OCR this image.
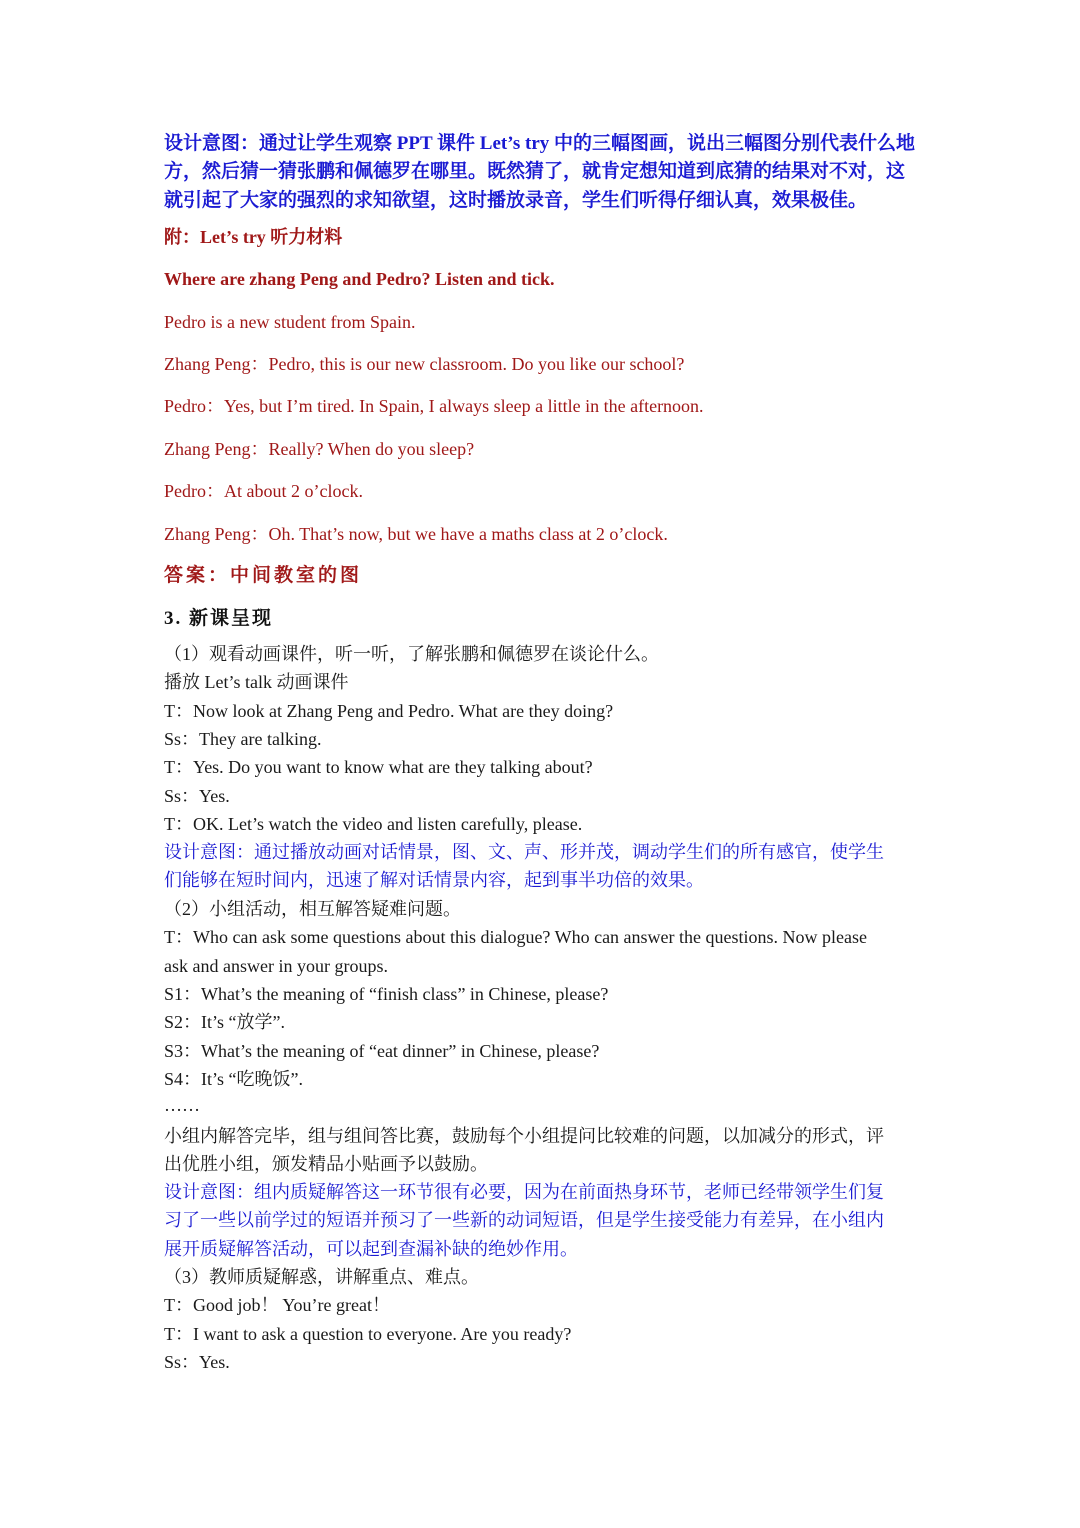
设计意图：通过让学生观察 PPT 课件 Let’s try 中的三幅图画，说出三幅图分别代表什么地
方，然后猜一猜张鹏和佩德罗在哪里。既然猜了，就肯定想知道到底猜的结果对不对，这
就引起了大家的强烈的求知欲望，这时播放录音，学生们听得仔细认真，效果极佳。
附：Let’s try 听力材料
Where are zhang Peng and Pedro? Listen and tick.
Pedro is a new student from Spain.
Zhang Peng：Pedro, this is our new classroom. Do you like our school?
Pedro：Yes, but I’m tired. In Spain, I always sleep a little in the afternoon.
Zhang Peng：Really? When do you sleep?
Pedro：At about 2 o’clock.
Zhang Peng：Oh. That’s now, but we have a maths class at 2 o’clock.
答案：中间教室的图
3. 新课呈现
（1）观看动画课件，听一听，了解张鹏和佩德罗在谈论什么。
播放 Let’s talk 动画课件
T：Now look at Zhang Peng and Pedro. What are they doing?
Ss：They are talking.
T：Yes. Do you want to know what are they talking about?
Ss：Yes.
T：OK. Let’s watch the video and listen carefully, please.
设计意图：通过播放动画对话情景，图、文、声、形并茂，调动学生们的所有感官，使学生
们能够在短时间内，迅速了解对话情景内容，起到事半功倍的效果。
（2）小组活动，相互解答疑难问题。
T：Who can ask some questions about this dialogue? Who can answer the questions. Now please
ask and answer in your groups.
S1：What’s the meaning of “finish class” in Chinese, please?
S2：It’s “放学”.
S3：What’s the meaning of “eat dinner” in Chinese, please?
S4：It’s “吃晚饭”.
……
小组内解答完毕，组与组间答比赛，鼓励每个小组提问比较难的问题，以加减分的形式，评
出优胜小组，颁发精品小贴画予以鼓励。
设计意图：组内质疑解答这一环节很有必要，因为在前面热身环节，老师已经带领学生们复
习了一些以前学过的短语并预习了一些新的动词短语，但是学生接受能力有差异，在小组内
展开质疑解答活动，可以起到查漏补缺的绝妙作用。
（3）教师质疑解惑，讲解重点、难点。
T：Good job！ You’re great！
T：I want to ask a question to everyone. Are you ready?
Ss：Yes.
